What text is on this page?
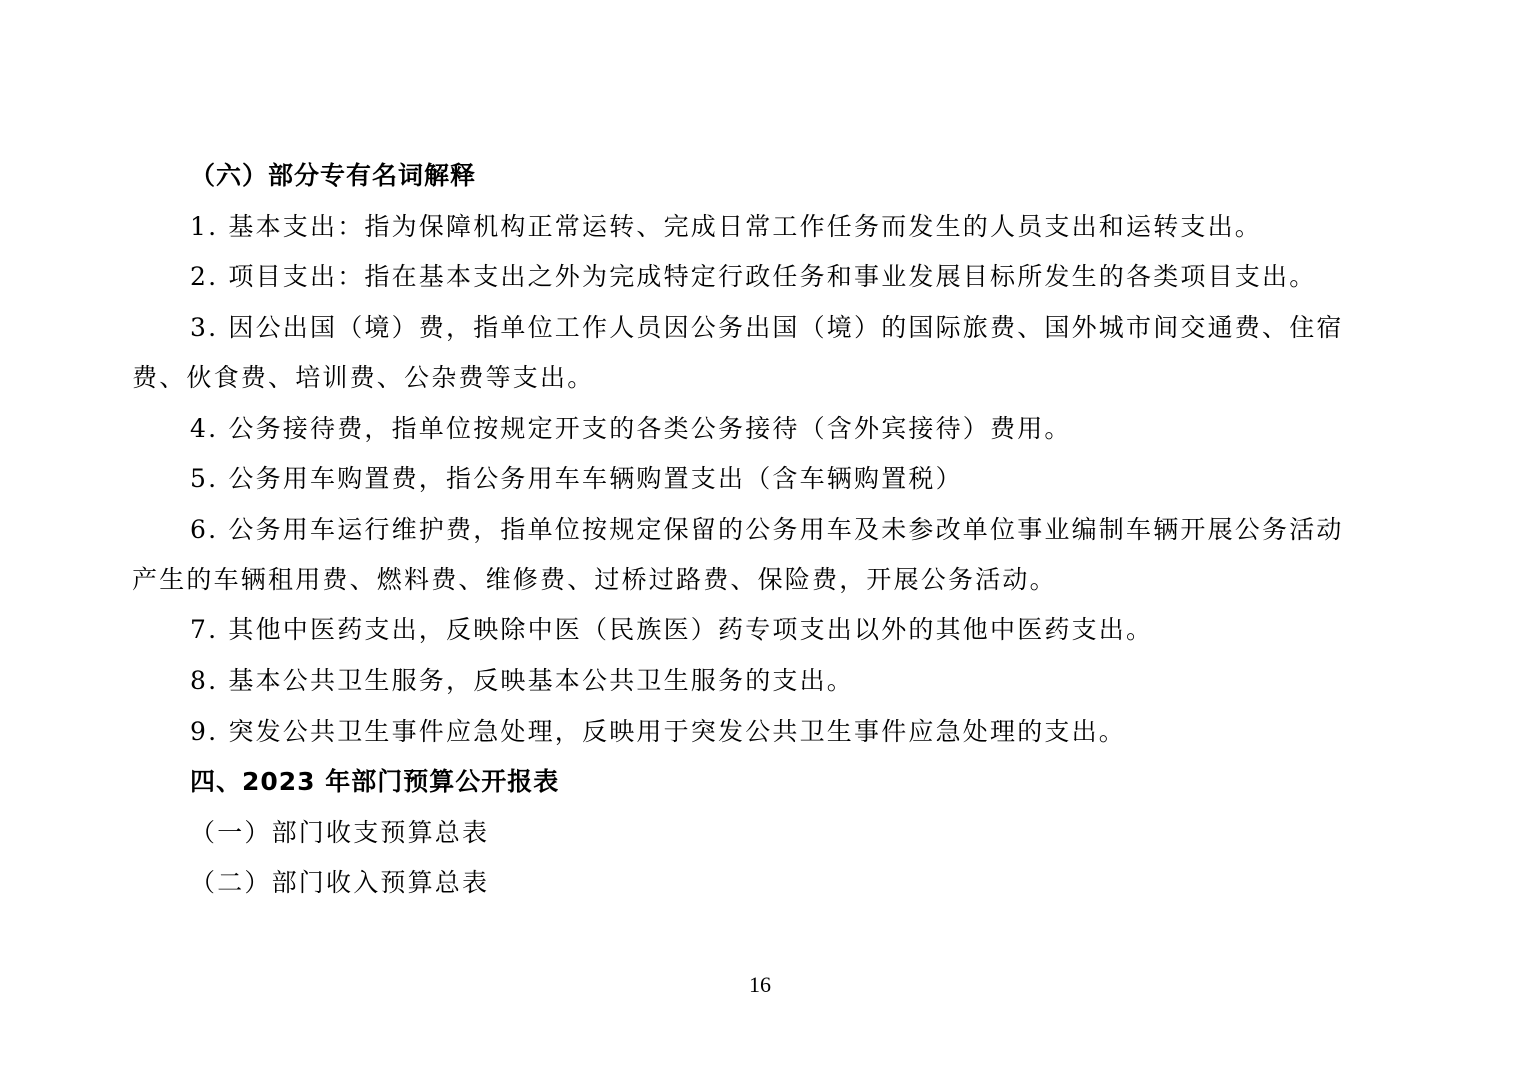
（六）部分专有名词解释
1. 基本支出：指为保障机构正常运转、完成日常工作任务而发生的人员支出和运转支出。
2. 项目支出：指在基本支出之外为完成特定行政任务和事业发展目标所发生的各类项目支出。
3. 因公出国（境）费，指单位工作人员因公务出国（境）的国际旅费、国外城市间交通费、住宿
费、伙食费、培训费、公杂费等支出。
4. 公务接待费，指单位按规定开支的各类公务接待（含外宾接待）费用。
5. 公务用车购置费，指公务用车车辆购置支出（含车辆购置税）
6. 公务用车运行维护费，指单位按规定保留的公务用车及未参改单位事业编制车辆开展公务活动
产生的车辆租用费、燃料费、维修费、过桥过路费、保险费，开展公务活动。
7. 其他中医药支出，反映除中医（民族医）药专项支出以外的其他中医药支出。
8. 基本公共卫生服务，反映基本公共卫生服务的支出。
9. 突发公共卫生事件应急处理，反映用于突发公共卫生事件应急处理的支出。
四、2023 年部门预算公开报表
（一）部门收支预算总表
（二）部门收入预算总表
16
